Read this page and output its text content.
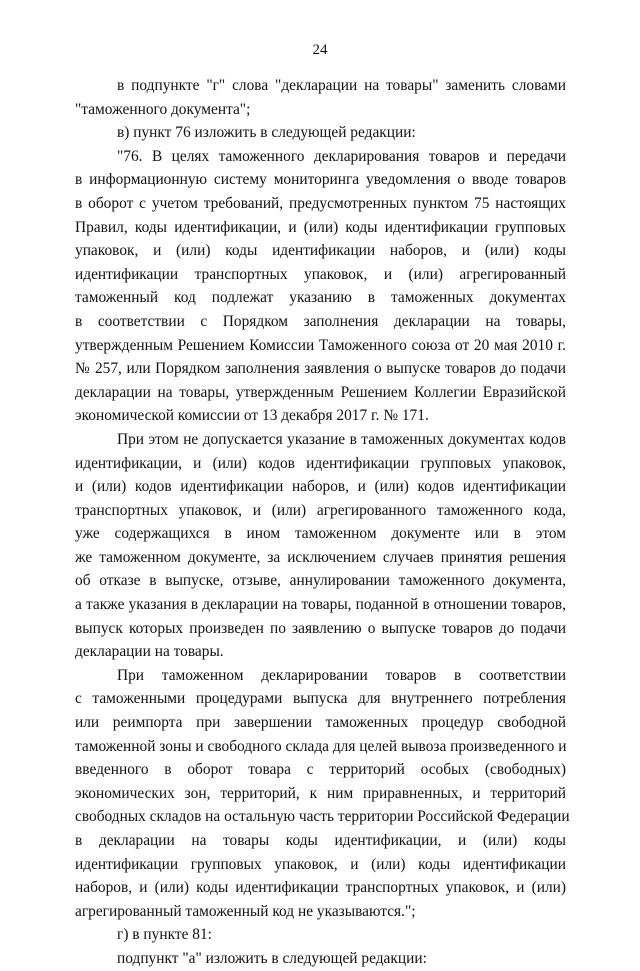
24
в подпункте "г" слова "декларации на товары" заменить словами
"таможенного документа";
в) пункт 76 изложить в следующей редакции:
"76. В целях таможенного декларирования товаров и передачи
в информационную систему мониторинга уведомления о вводе товаров
в оборот с учетом требований, предусмотренных пунктом 75 настоящих
Правил, коды идентификации, и (или) коды идентификации групповых
упаковок, и (или) коды идентификации наборов, и (или) коды
идентификации транспортных упаковок, и (или) агрегированный
таможенный код подлежат указанию в таможенных документах
в соответствии с Порядком заполнения декларации на товары,
утвержденным Решением Комиссии Таможенного союза от 20 мая 2010 г.
№ 257, или Порядком заполнения заявления о выпуске товаров до подачи
декларации на товары, утвержденным Решением Коллегии Евразийской
экономической комиссии от 13 декабря 2017 г. № 171.
При этом не допускается указание в таможенных документах кодов
идентификации, и (или) кодов идентификации групповых упаковок,
и (или) кодов идентификации наборов, и (или) кодов идентификации
транспортных упаковок, и (или) агрегированного таможенного кода,
уже содержащихся в ином таможенном документе или в этом
же таможенном документе, за исключением случаев принятия решения
об отказе в выпуске, отзыве, аннулировании таможенного документа,
а также указания в декларации на товары, поданной в отношении товаров,
выпуск которых произведен по заявлению о выпуске товаров до подачи
декларации на товары.
При таможенном декларировании товаров в соответствии
с таможенными процедурами выпуска для внутреннего потребления
или реимпорта при завершении таможенных процедур свободной
таможенной зоны и свободного склада для целей вывоза произведенного и
введенного в оборот товара с территорий особых (свободных)
экономических зон, территорий, к ним приравненных, и территорий
свободных складов на остальную часть территории Российской Федерации
в декларации на товары коды идентификации, и (или) коды
идентификации групповых упаковок, и (или) коды идентификации
наборов, и (или) коды идентификации транспортных упаковок, и (или)
агрегированный таможенный код не указываются.";
г) в пункте 81:
подпункт "а" изложить в следующей редакции:
